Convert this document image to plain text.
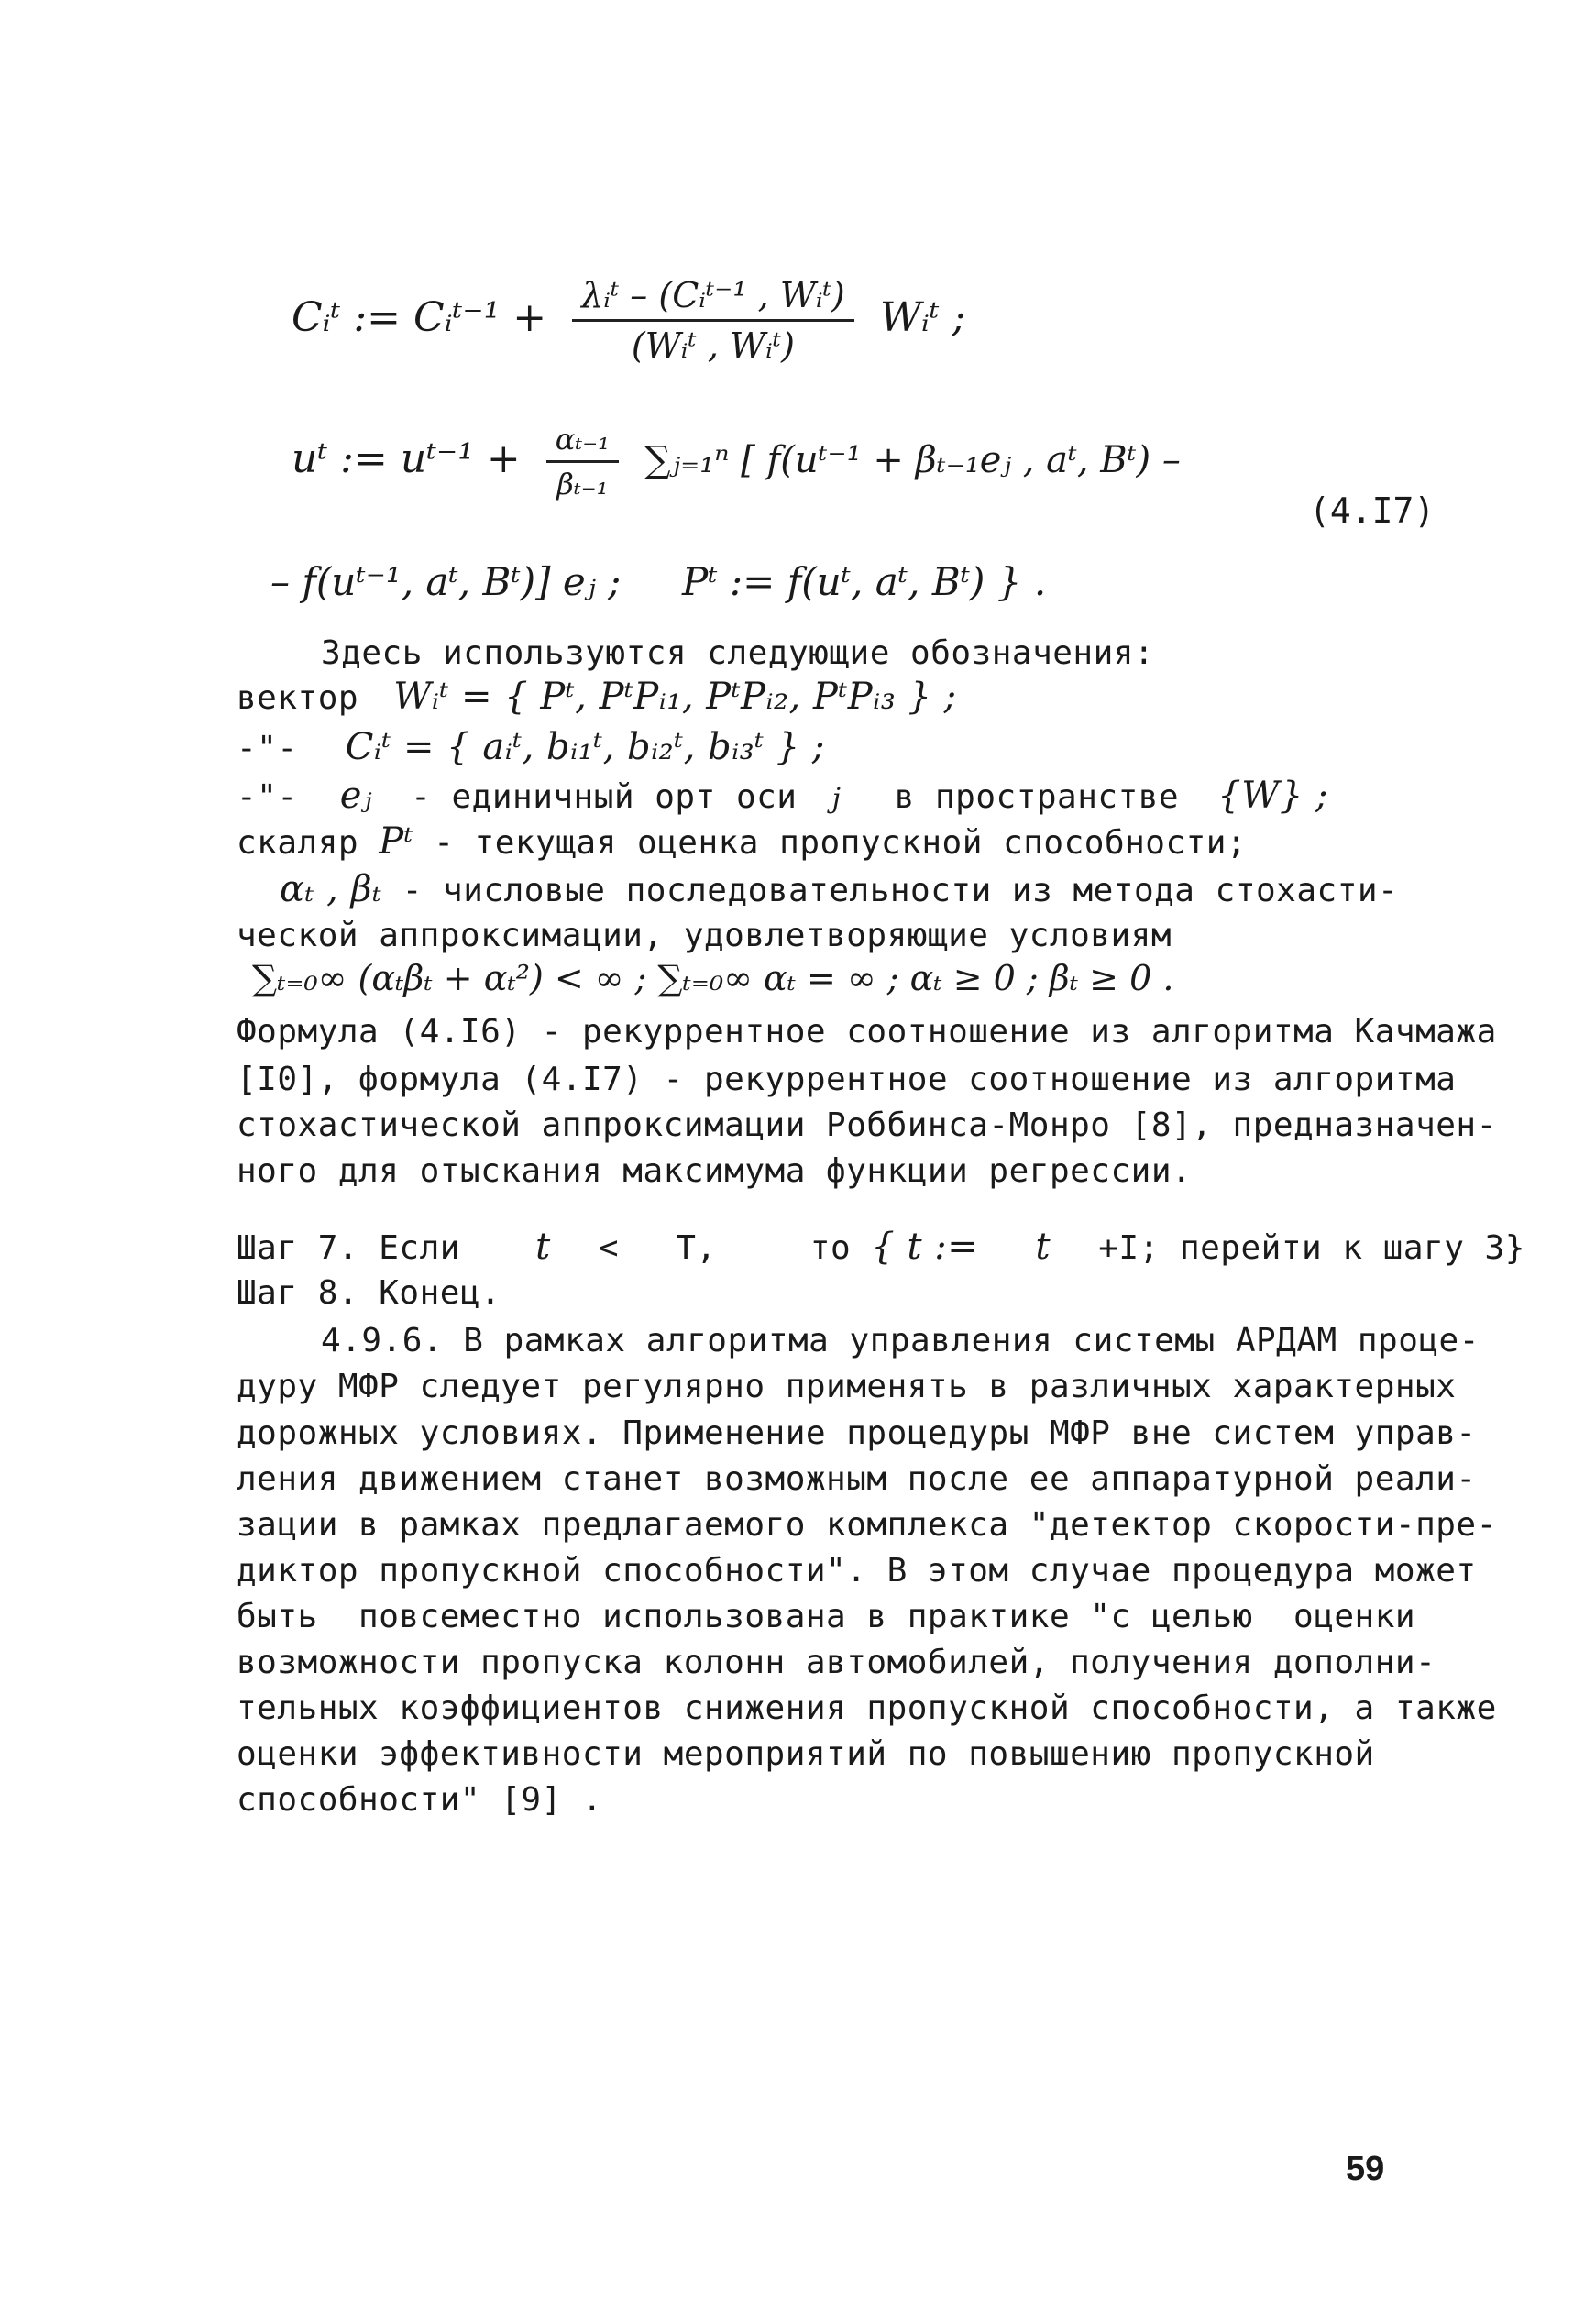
Cᵢᵗ := Cᵢᵗ⁻¹ + $\frac{\text{λᵢᵗ – (Cᵢᵗ⁻¹ , Wᵢᵗ)}}{\text{(Wᵢᵗ , Wᵢᵗ)}}$ Wᵢᵗ ;
uᵗ := uᵗ⁻¹ + $\frac{\text{αₜ₋₁}}{\text{βₜ₋₁}}$ ∑ⱼ₌₁ⁿ [ f(uᵗ⁻¹ + βₜ₋₁eⱼ , aᵗ, Bᵗ) –
(4.I7)
– f(uᵗ⁻¹, aᵗ, Bᵗ)] eⱼ ;     Pᵗ := f(uᵗ, aᵗ, Bᵗ) } .
Здесь используются следующие обозначения:
вектор Wᵢᵗ = { Pᵗ, PᵗPᵢ₁, PᵗPᵢ₂, PᵗPᵢ₃ } ;
-"- Cᵢᵗ = { aᵢᵗ, bᵢ₁ᵗ, bᵢ₂ᵗ, bᵢ₃ᵗ } ;
-"- eⱼ - единичный орт оси j в пространстве {W} ;
скаляр Pᵗ - текущая оценка пропускной способности;
αₜ , βₜ - числовые последовательности из метода стохасти-
ческой аппроксимации, удовлетворяющие условиям
∑ₜ₌₀∞ (αₜβₜ + αₜ²) < ∞ ; ∑ₜ₌₀∞ αₜ = ∞ ; αₜ ≥ 0 ; βₜ ≥ 0 .
Формула (4.I6) - рекуррентное соотношение из алгоритма Качмажа
[I0], формула (4.I7) - рекуррентное соотношение из алгоритма
стохастической аппроксимации Роббинса-Монро [8], предназначен-
ного для отыскания максимума функции регрессии.
Шаг 7. Если t < T,	то { t := t +I; перейти к шагу 3}
Шаг 8. Конец.
4.9.6. В рамках алгоритма управления системы АРДАМ проце-
дуру МФР следует регулярно применять в различных характерных
дорожных условиях. Применение процедуры МФР вне систем управ-
ления движением станет возможным после ее аппаратурной реали-
зации в рамках предлагаемого комплекса "детектор скорости-пре-
диктор пропускной способности". В этом случае процедура может
быть  повсеместно использована в практике "с целью  оценки
возможности пропуска колонн автомобилей, получения дополни-
тельных коэффициентов снижения пропускной способности, а также
оценки эффективности мероприятий по повышению пропускной
способности" [9] .
59
